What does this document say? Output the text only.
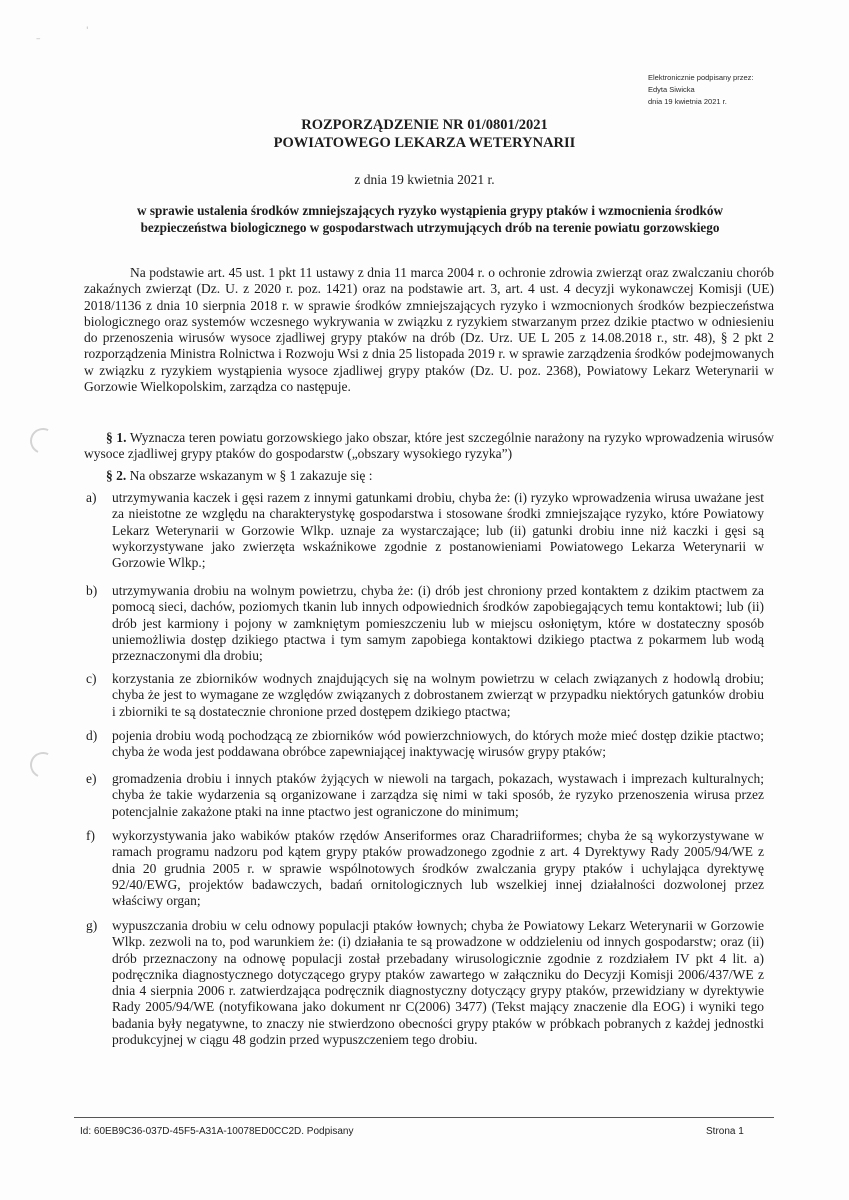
'
–
Elektronicznie podpisany przez:
Edyta Siwicka
dnia 19 kwietnia 2021 r.
ROZPORZĄDZENIE NR 01/0801/2021
POWIATOWEGO LEKARZA WETERYNARII
z dnia 19 kwietnia 2021 r.
w sprawie ustalenia środków zmniejszających ryzyko wystąpienia grypy ptaków i wzmocnienia środków bezpieczeństwa biologicznego w gospodarstwach utrzymujących drób na terenie powiatu gorzowskiego

Na podstawie art. 45 ust. 1 pkt 11 ustawy z dnia 11 marca 2004 r. o ochronie zdrowia zwierząt oraz zwalczaniu chorób zakaźnych zwierząt (Dz. U. z 2020 r. poz. 1421) oraz na podstawie art. 3, art. 4 ust. 4 decyzji wykonawczej Komisji (UE) 2018/1136 z dnia 10 sierpnia 2018 r. w sprawie środków zmniejszających ryzyko i wzmocnionych środków bezpieczeństwa biologicznego oraz systemów wczesnego wykrywania w związku z ryzykiem stwarzanym przez dzikie ptactwo w odniesieniu do przenoszenia wirusów wysoce zjadliwej grypy ptaków na drób (Dz. Urz. UE L 205 z 14.08.2018 r., str. 48), § 2 pkt 2 rozporządzenia Ministra Rolnictwa i Rozwoju Wsi z dnia 25 listopada 2019 r. w sprawie zarządzenia środków podejmowanych w związku z ryzykiem wystąpienia wysoce zjadliwej grypy ptaków (Dz. U. poz. 2368), Powiatowy Lekarz Weterynarii w Gorzowie Wielkopolskim, zarządza co następuje.

§ 1. Wyznacza teren powiatu gorzowskiego jako obszar, które jest szczególnie narażony na ryzyko wprowadzenia wirusów wysoce zjadliwej grypy ptaków do gospodarstw („obszary wysokiego ryzyka”)

§ 2. Na obszarze wskazanym w § 1 zakazuje się :

a) utrzymywania kaczek i gęsi razem z innymi gatunkami drobiu, chyba że: (i) ryzyko wprowadzenia wirusa uważane jest za nieistotne ze względu na charakterystykę gospodarstwa i stosowane środki zmniejszające ryzyko, które Powiatowy Lekarz Weterynarii w Gorzowie Wlkp. uznaje za wystarczające; lub (ii) gatunki drobiu inne niż kaczki i gęsi są wykorzystywane jako zwierzęta wskaźnikowe zgodnie z postanowieniami Powiatowego Lekarza Weterynarii w Gorzowie Wlkp.;

b) utrzymywania drobiu na wolnym powietrzu, chyba że: (i) drób jest chroniony przed kontaktem z dzikim ptactwem za pomocą sieci, dachów, poziomych tkanin lub innych odpowiednich środków zapobiegających temu kontaktowi; lub (ii) drób jest karmiony i pojony w zamkniętym pomieszczeniu lub w miejscu osłoniętym, które w dostateczny sposób uniemożliwia dostęp dzikiego ptactwa i tym samym zapobiega kontaktowi dzikiego ptactwa z pokarmem lub wodą przeznaczonymi dla drobiu;

c) korzystania ze zbiorników wodnych znajdujących się na wolnym powietrzu w celach związanych z hodowlą drobiu; chyba że jest to wymagane ze względów związanych z dobrostanem zwierząt w przypadku niektórych gatunków drobiu i zbiorniki te są dostatecznie chronione przed dostępem dzikiego ptactwa;

d) pojenia drobiu wodą pochodzącą ze zbiorników wód powierzchniowych, do których może mieć dostęp dzikie ptactwo; chyba że woda jest poddawana obróbce zapewniającej inaktywację wirusów grypy ptaków;

e) gromadzenia drobiu i innych ptaków żyjących w niewoli na targach, pokazach, wystawach i imprezach kulturalnych; chyba że takie wydarzenia są organizowane i zarządza się nimi w taki sposób, że ryzyko przenoszenia wirusa przez potencjalnie zakażone ptaki na inne ptactwo jest ograniczone do minimum;

f) wykorzystywania jako wabików ptaków rzędów Anseriformes oraz Charadriiformes; chyba że są wykorzystywane w ramach programu nadzoru pod kątem grypy ptaków prowadzonego zgodnie z art. 4 Dyrektywy Rady 2005/94/WE z dnia 20 grudnia 2005 r. w sprawie wspólnotowych środków zwalczania grypy ptaków i uchylająca dyrektywę 92/40/EWG, projektów badawczych, badań ornitologicznych lub wszelkiej innej działalności dozwolonej przez właściwy organ;

g) wypuszczania drobiu w celu odnowy populacji ptaków łownych; chyba że Powiatowy Lekarz Weterynarii w Gorzowie Wlkp. zezwoli na to, pod warunkiem że: (i) działania te są prowadzone w oddzieleniu od innych gospodarstw; oraz (ii) drób przeznaczony na odnowę populacji został przebadany wirusologicznie zgodnie z rozdziałem IV pkt 4 lit. a) podręcznika diagnostycznego dotyczącego grypy ptaków zawartego w załączniku do Decyzji Komisji 2006/437/WE z dnia 4 sierpnia 2006 r. zatwierdzająca podręcznik diagnostyczny dotyczący grypy ptaków, przewidziany w dyrektywie Rady 2005/94/WE (notyfikowana jako dokument nr C(2006) 3477) (Tekst mający znaczenie dla EOG) i wyniki tego badania były negatywne, to znaczy nie stwierdzono obecności grypy ptaków w próbkach pobranych z każdej jednostki produkcyjnej w ciągu 48 godzin przed wypuszczeniem tego drobiu.

Id: 60EB9C36-037D-45F5-A31A-10078ED0CC2D. Podpisany	Strona 1
